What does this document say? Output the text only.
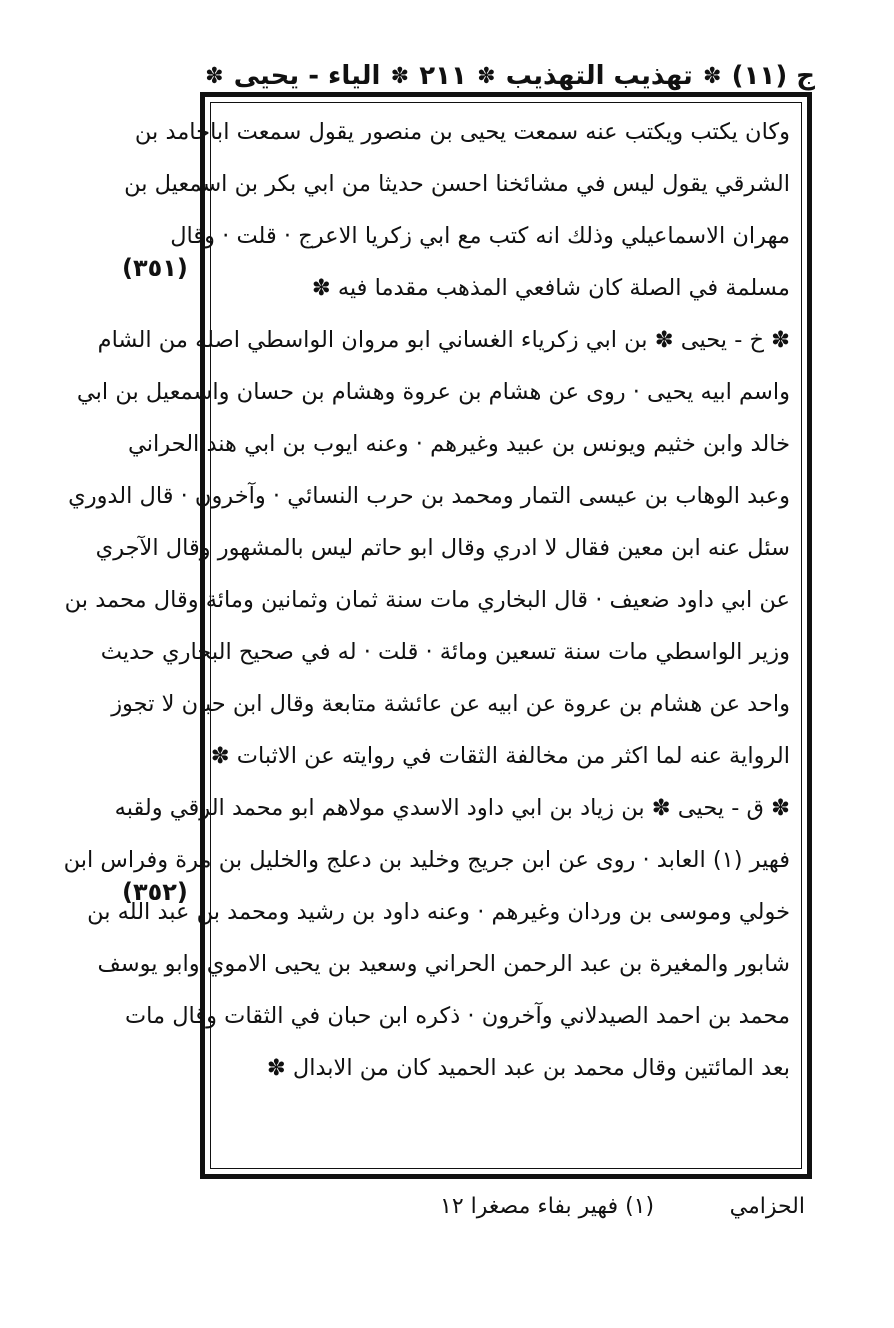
ج (١١)
✽
تهذيب التهذيب
✽
٢١١
✽
الياء - يحيى
✽
(٣٥١)
(٣٥٢)
وكان يكتب ويكتب عنه سمعت يحيى بن منصور يقول سمعت اباحامد بن
الشرقي يقول ليس في مشائخنا احسن حديثا من ابي بكر بن اسمعيل بن
مهران الاسماعيلي وذلك انه كتب مع ابي زكريا الاعرج · قلت · وقال
مسلمة في الصلة كان شافعي المذهب مقدما فيه ✽
✽ خ - يحيى ✽ بن ابي زكرياء الغساني ابو مروان الواسطي اصله من الشام
واسم ابيه يحيى · روى عن هشام بن عروة وهشام بن حسان واسمعيل بن ابي
خالد وابن خثيم ويونس بن عبيد وغيرهم · وعنه ايوب بن ابي هند الحراني
وعبد الوهاب بن عيسى التمار ومحمد بن حرب النسائي · وآخرون · قال الدوري
سئل عنه ابن معين فقال لا ادري وقال ابو حاتم ليس بالمشهور وقال الآجري
عن ابي داود ضعيف · قال البخاري مات سنة ثمان وثمانين ومائة وقال محمد بن
وزير الواسطي مات سنة تسعين ومائة · قلت · له في صحيح البخاري حديث
واحد عن هشام بن عروة عن ابيه عن عائشة متابعة وقال ابن حبان لا تجوز
الرواية عنه لما اكثر من مخالفة الثقات في روايته عن الاثبات ✽
✽ ق - يحيى ✽ بن زياد بن ابي داود الاسدي مولاهم ابو محمد الرقي ولقبه
فهير (١) العابد · روى عن ابن جريج وخليد بن دعلج والخليل بن مرة وفراس ابن
خولي وموسى بن وردان وغيرهم · وعنه داود بن رشيد ومحمد بن عبد الله بن
شابور والمغيرة بن عبد الرحمن الحراني وسعيد بن يحيى الاموي وابو يوسف
محمد بن احمد الصيدلاني وآخرون · ذكره ابن حبان في الثقات وقال مات
بعد المائتين وقال محمد بن عبد الحميد كان من الابدال ✽
الحزامي
(١) فهير بفاء مصغرا ١٢
